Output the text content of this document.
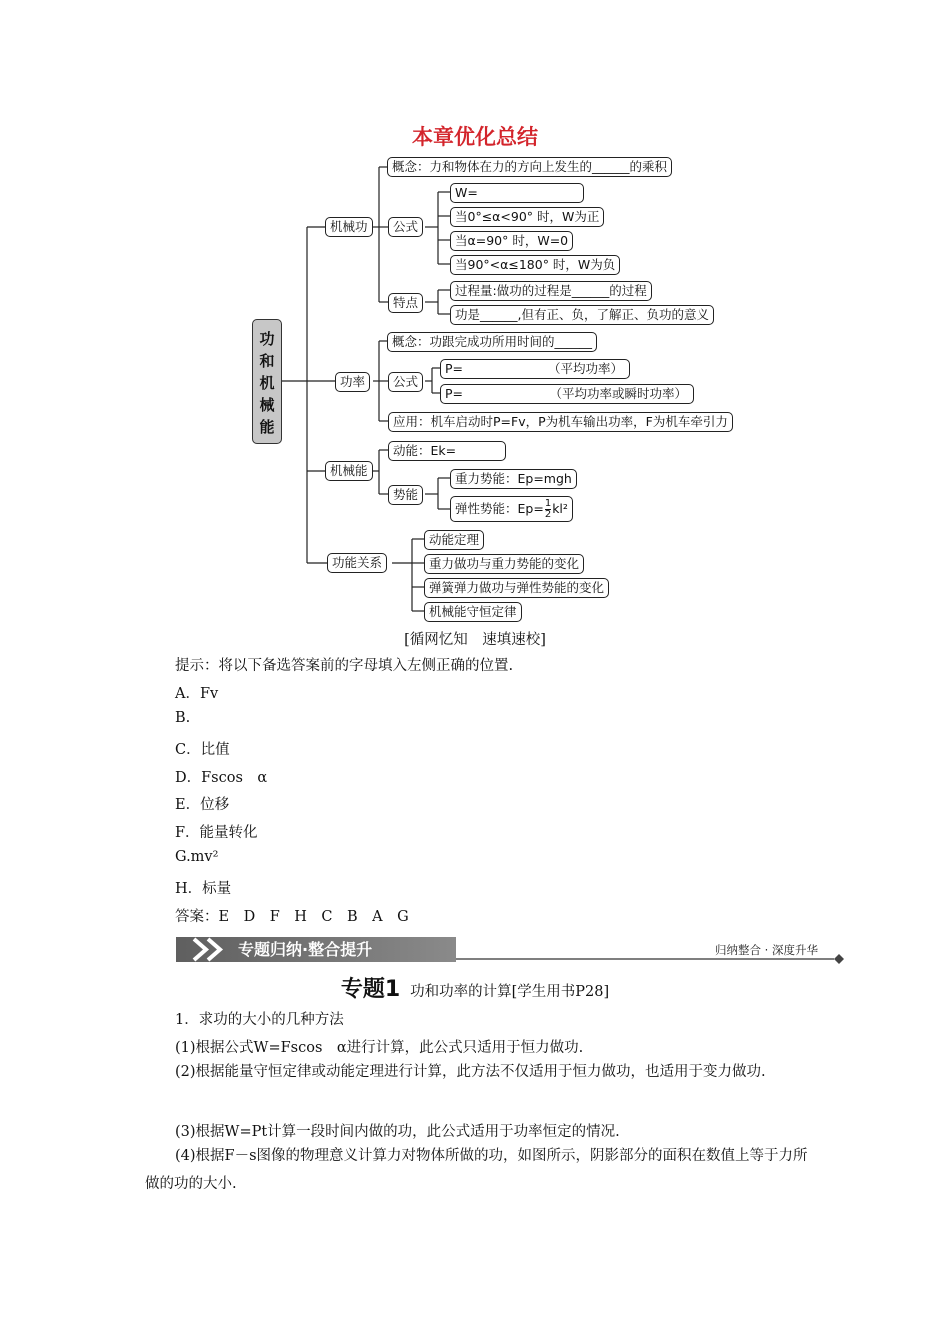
本章优化总结
功
和
机
械
能
机械功
功率
机械能
功能关系
概念：力和物体在力的方向上发生的______的乘积
公式
W=
当0°≤α<90° 时，W为正
当α=90° 时，W=0
当90°<α≤180° 时，W为负
特点
过程量:做功的过程是______的过程
功是______,但有正、负，了解正、负功的意义
概念：功跟完成功所用时间的______
公式
P=	（平均功率）
P=	（平均功率或瞬时功率）
应用：机车启动时P=Fv，P为机车输出功率，F为机车牵引力
动能：Ek=
势能
重力势能：Ep=mgh
弹性势能：$Ep= \frac{1}{2} kl^2$
动能定理
重力做功与重力势能的变化
弹簧弹力做功与弹性势能的变化
机械能守恒定律
[循网忆知　速填速校]
提示：将以下备选答案前的字母填入左侧正确的位置.
A．Fv
B.
C．比值
D．Fscos　α
E．位移
F．能量转化
G.mv²
H．标量
答案：E　D　F　H　C　B　A　G
专题归纳·整合提升	归纳整合 · 深度升华
专题1 功和功率的计算[学生用书P28]
1．求功的大小的几种方法
(1)根据公式W=Fscos　α进行计算，此公式只适用于恒力做功.
(2)根据能量守恒定律或动能定理进行计算，此方法不仅适用于恒力做功，也适用于变力做功.
(3)根据W=Pt计算一段时间内做的功，此公式适用于功率恒定的情况.
(4)根据F－s图像的物理意义计算力对物体所做的功，如图所示，阴影部分的面积在数值上等于力所做的功的大小.
